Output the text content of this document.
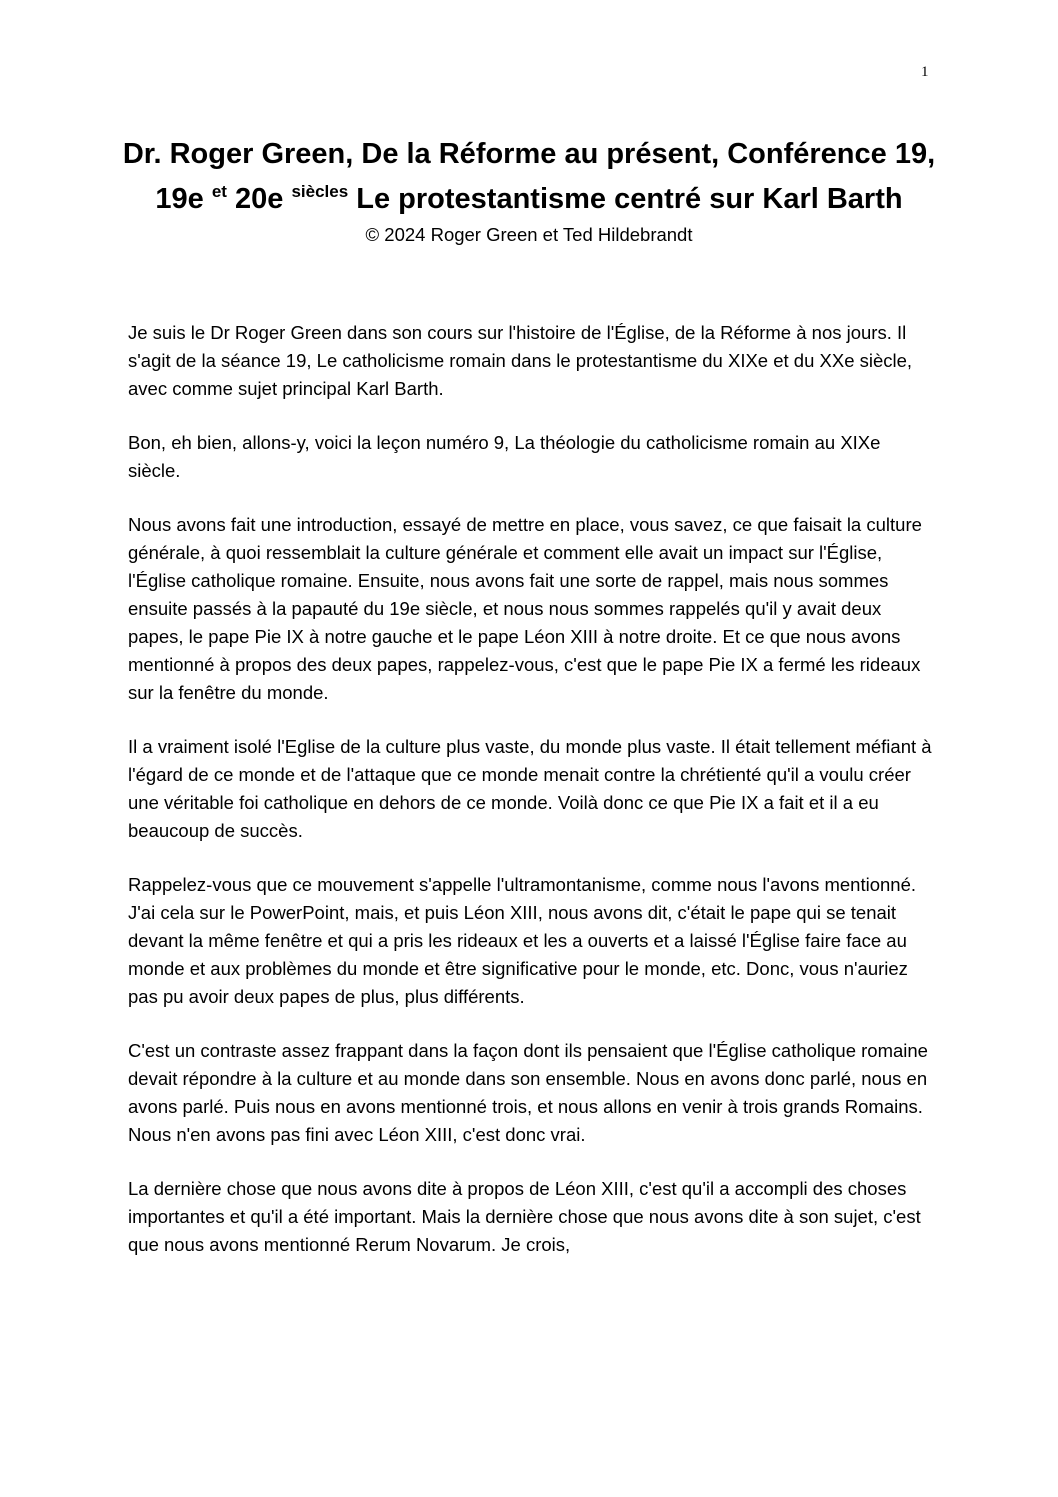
1
Dr. Roger Green, De la Réforme au présent, Conférence 19, 19e $^{et}$ 20e $^{siècles}$ Le protestantisme centré sur Karl Barth

© 2024 Roger Green et Ted Hildebrandt

Je suis le Dr Roger Green dans son cours sur l'histoire de l'Église, de la Réforme à nos jours. Il s'agit de la séance 19, Le catholicisme romain dans le protestantisme du XIXe et du XXe siècle, avec comme sujet principal Karl Barth.

Bon, eh bien, allons-y, voici la leçon numéro 9, La théologie du catholicisme romain au XIXe siècle.

Nous avons fait une introduction, essayé de mettre en place, vous savez, ce que faisait la culture générale, à quoi ressemblait la culture générale et comment elle avait un impact sur l'Église, l'Église catholique romaine. Ensuite, nous avons fait une sorte de rappel, mais nous sommes ensuite passés à la papauté du 19e siècle, et nous nous sommes rappelés qu'il y avait deux papes, le pape Pie IX à notre gauche et le pape Léon XIII à notre droite. Et ce que nous avons mentionné à propos des deux papes, rappelez-vous, c'est que le pape Pie IX a fermé les rideaux sur la fenêtre du monde.

Il a vraiment isolé l'Eglise de la culture plus vaste, du monde plus vaste. Il était tellement méfiant à l'égard de ce monde et de l'attaque que ce monde menait contre la chrétienté qu'il a voulu créer une véritable foi catholique en dehors de ce monde. Voilà donc ce que Pie IX a fait et il a eu beaucoup de succès.

Rappelez-vous que ce mouvement s'appelle l'ultramontanisme, comme nous l'avons mentionné. J'ai cela sur le PowerPoint, mais, et puis Léon XIII, nous avons dit, c'était le pape qui se tenait devant la même fenêtre et qui a pris les rideaux et les a ouverts et a laissé l'Église faire face au monde et aux problèmes du monde et être significative pour le monde, etc. Donc, vous n'auriez pas pu avoir deux papes de plus, plus différents.

C'est un contraste assez frappant dans la façon dont ils pensaient que l'Église catholique romaine devait répondre à la culture et au monde dans son ensemble. Nous en avons donc parlé, nous en avons parlé. Puis nous en avons mentionné trois, et nous allons en venir à trois grands Romains. Nous n'en avons pas fini avec Léon XIII, c'est donc vrai.

La dernière chose que nous avons dite à propos de Léon XIII, c'est qu'il a accompli des choses importantes et qu'il a été important. Mais la dernière chose que nous avons dite à son sujet, c'est que nous avons mentionné Rerum Novarum. Je crois,
